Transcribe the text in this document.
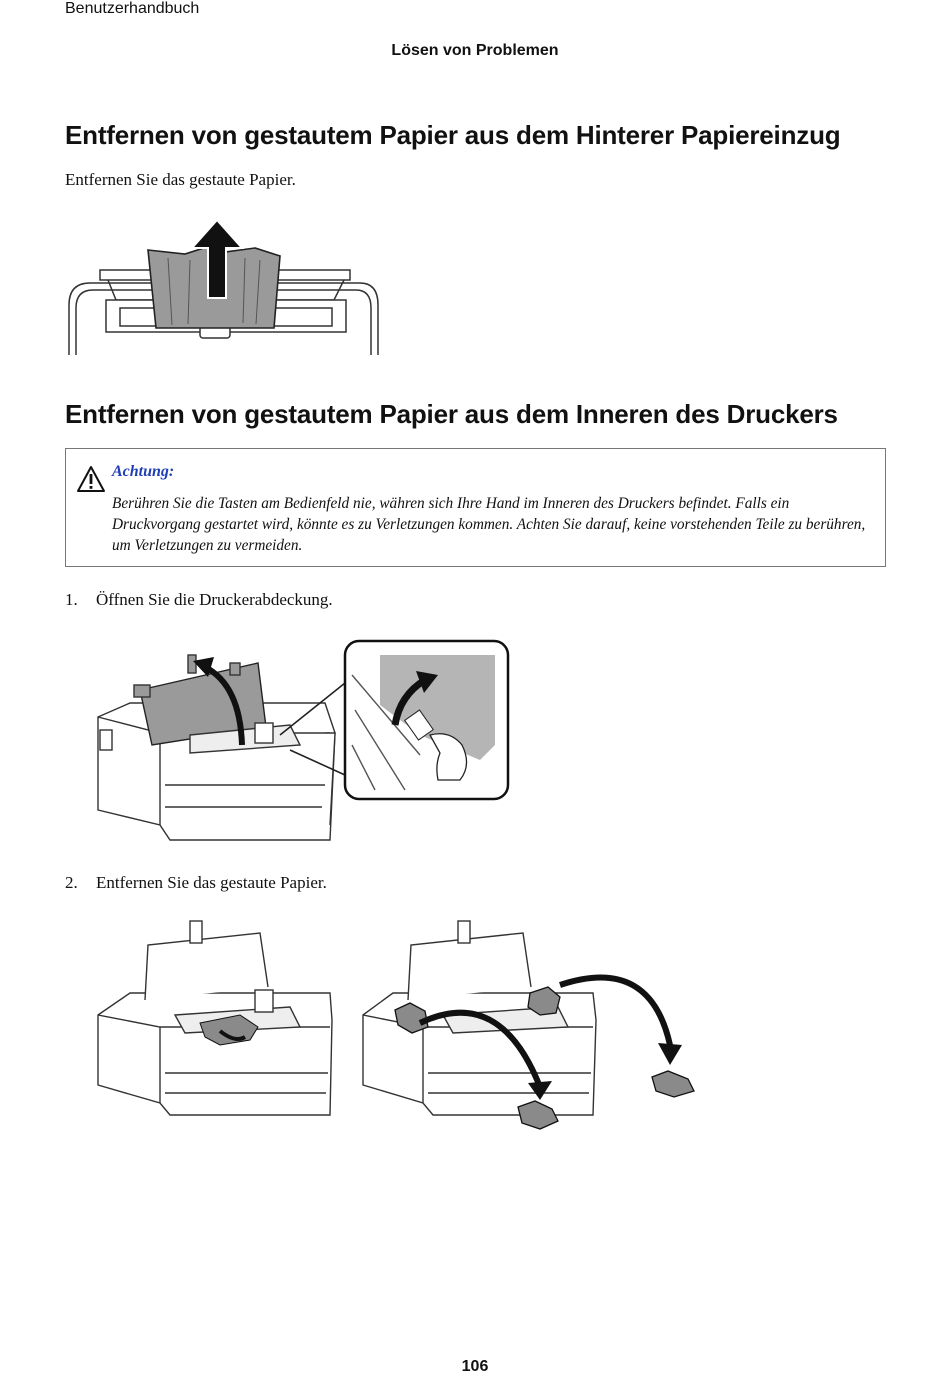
Benutzerhandbuch
Lösen von Problemen
Entfernen von gestautem Papier aus dem Hinterer Papiereinzug
Entfernen Sie das gestaute Papier.
Entfernen von gestautem Papier aus dem Inneren des Druckers
Achtung:
Berühren Sie die Tasten am Bedienfeld nie, währen sich Ihre Hand im Inneren des Druckers befindet. Falls ein Druckvorgang gestartet wird, könnte es zu Verletzungen kommen. Achten Sie darauf, keine vorstehenden Teile zu berühren, um Verletzungen zu vermeiden.
1. Öffnen Sie die Druckerabdeckung.
2. Entfernen Sie das gestaute Papier.
106
